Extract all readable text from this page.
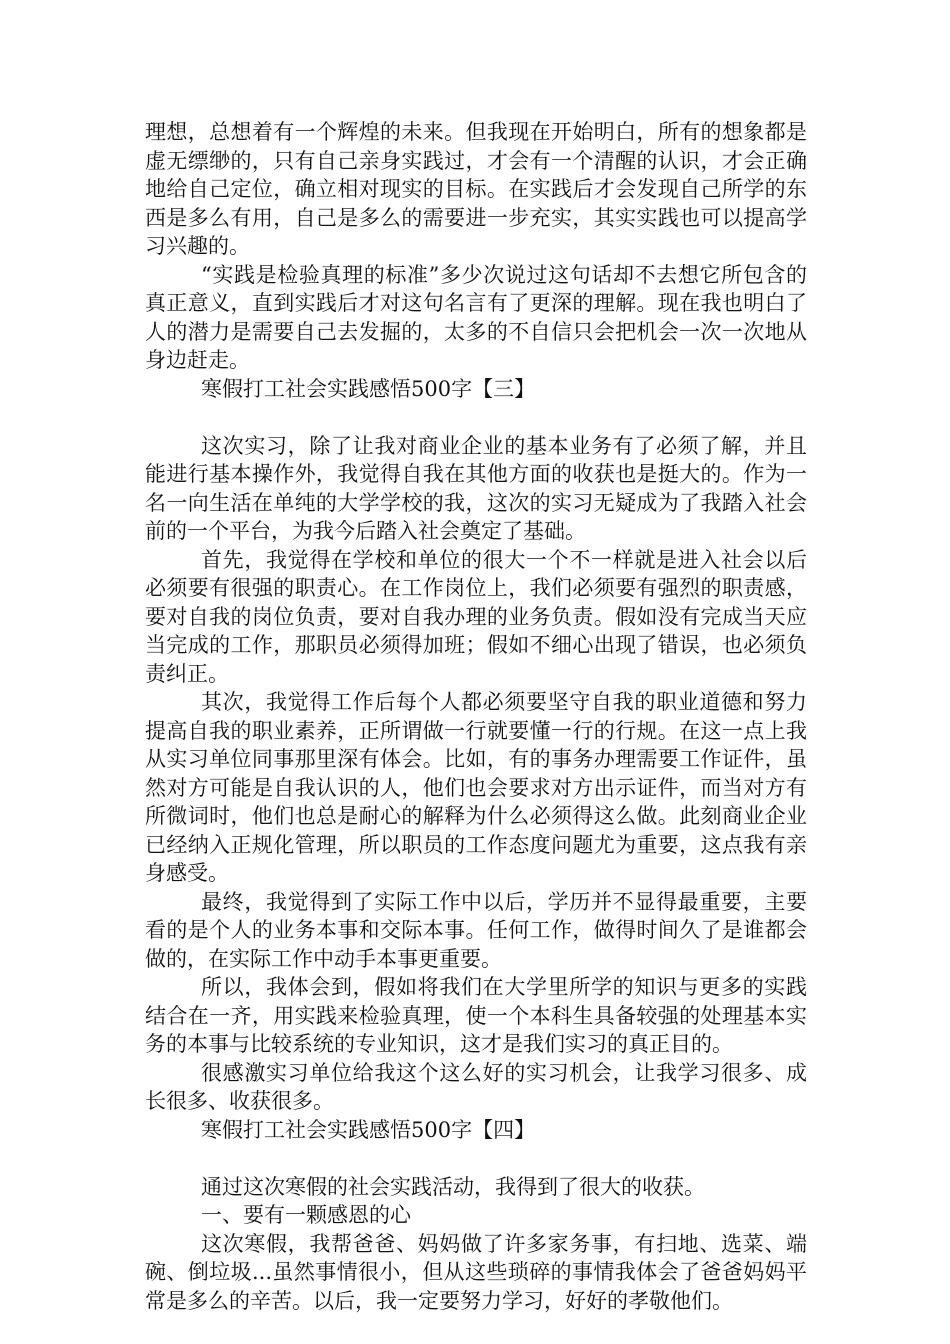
理想，总想着有一个辉煌的未来。但我现在开始明白，所有的想象都是虚无缥缈的，只有自己亲身实践过，才会有一个清醒的认识，才会正确地给自己定位，确立相对现实的目标。在实践后才会发现自己所学的东西是多么有用，自己是多么的需要进一步充实，其实实践也可以提高学习兴趣的。

“实践是检验真理的标准”多少次说过这句话却不去想它所包含的真正意义，直到实践后才对这句名言有了更深的理解。现在我也明白了人的潜力是需要自己去发掘的，太多的不自信只会把机会一次一次地从身边赶走。

寒假打工社会实践感悟500字【三】

这次实习，除了让我对商业企业的基本业务有了必须了解，并且能进行基本操作外，我觉得自我在其他方面的收获也是挺大的。作为一名一向生活在单纯的大学学校的我，这次的实习无疑成为了我踏入社会前的一个平台，为我今后踏入社会奠定了基础。

首先，我觉得在学校和单位的很大一个不一样就是进入社会以后必须要有很强的职责心。在工作岗位上，我们必须要有强烈的职责感，要对自我的岗位负责，要对自我办理的业务负责。假如没有完成当天应当完成的工作，那职员必须得加班；假如不细心出现了错误，也必须负责纠正。

其次，我觉得工作后每个人都必须要坚守自我的职业道德和努力提高自我的职业素养，正所谓做一行就要懂一行的行规。在这一点上我从实习单位同事那里深有体会。比如，有的事务办理需要工作证件，虽然对方可能是自我认识的人，他们也会要求对方出示证件，而当对方有所微词时，他们也总是耐心的解释为什么必须得这么做。此刻商业企业已经纳入正规化管理，所以职员的工作态度问题尤为重要，这点我有亲身感受。

最终，我觉得到了实际工作中以后，学历并不显得最重要，主要看的是个人的业务本事和交际本事。任何工作，做得时间久了是谁都会做的，在实际工作中动手本事更重要。

所以，我体会到，假如将我们在大学里所学的知识与更多的实践结合在一齐，用实践来检验真理，使一个本科生具备较强的处理基本实务的本事与比较系统的专业知识，这才是我们实习的真正目的。

很感激实习单位给我这个这么好的实习机会，让我学习很多、成长很多、收获很多。

寒假打工社会实践感悟500字【四】

通过这次寒假的社会实践活动，我得到了很大的收获。

一、要有一颗感恩的心

这次寒假，我帮爸爸、妈妈做了许多家务事，有扫地、选菜、端碗、倒垃圾...虽然事情很小，但从这些琐碎的事情我体会了爸爸妈妈平常是多么的辛苦。以后，我一定要努力学习，好好的孝敬他们。
